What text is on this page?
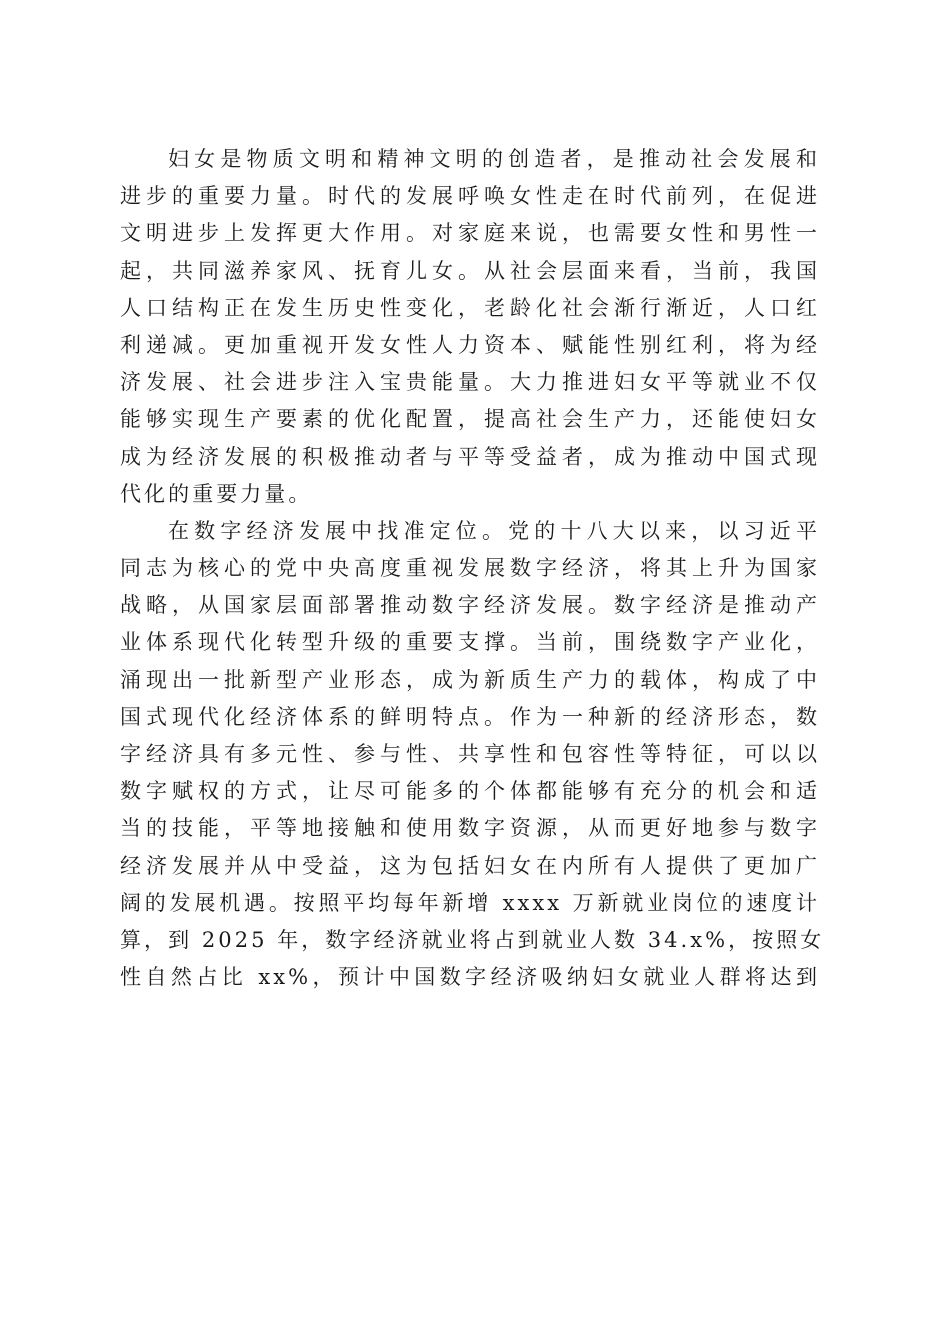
妇女是物质文明和精神文明的创造者，是推动社会发展和
进步的重要力量。时代的发展呼唤女性走在时代前列，在促进
文明进步上发挥更大作用。对家庭来说，也需要女性和男性一
起，共同滋养家风、抚育儿女。从社会层面来看，当前，我国
人口结构正在发生历史性变化，老龄化社会渐行渐近，人口红
利递减。更加重视开发女性人力资本、赋能性别红利，将为经
济发展、社会进步注入宝贵能量。大力推进妇女平等就业不仅
能够实现生产要素的优化配置，提高社会生产力，还能使妇女
成为经济发展的积极推动者与平等受益者，成为推动中国式现
代化的重要力量。
在数字经济发展中找准定位。党的十八大以来，以习近平
同志为核心的党中央高度重视发展数字经济，将其上升为国家
战略，从国家层面部署推动数字经济发展。数字经济是推动产
业体系现代化转型升级的重要支撑。当前，围绕数字产业化，
涌现出一批新型产业形态，成为新质生产力的载体，构成了中
国式现代化经济体系的鲜明特点。作为一种新的经济形态，数
字经济具有多元性、参与性、共享性和包容性等特征，可以以
数字赋权的方式，让尽可能多的个体都能够有充分的机会和适
当的技能，平等地接触和使用数字资源，从而更好地参与数字
经济发展并从中受益，这为包括妇女在内所有人提供了更加广
阔的发展机遇。按照平均每年新增 xxxx 万新就业岗位的速度计
算，到 2025 年，数字经济就业将占到就业人数 34.x%，按照女
性自然占比 xx%，预计中国数字经济吸纳妇女就业人群将达到
